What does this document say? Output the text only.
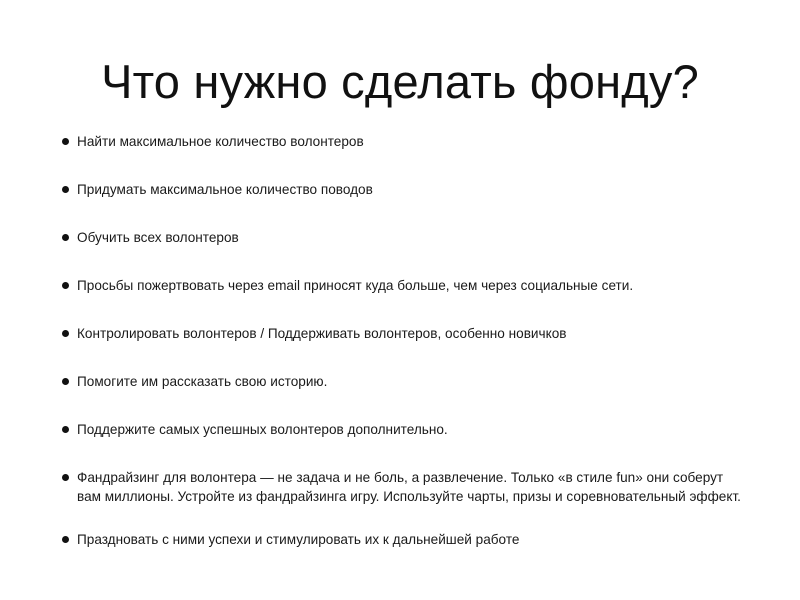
Что нужно сделать фонду?
Найти максимальное количество волонтеров
Придумать максимальное количество поводов
Обучить всех волонтеров
Просьбы пожертвовать через email приносят куда больше, чем через социальные сети.
Контролировать волонтеров / Поддерживать волонтеров, особенно новичков
Помогите им рассказать свою историю.
Поддержите самых успешных волонтеров дополнительно.
Фандрайзинг для волонтера — не задача и не боль, а развлечение. Только «в стиле fun» они соберут вам миллионы. Устройте из фандрайзинга игру. Используйте чарты, призы и соревновательный эффект.
Праздновать с ними успехи и стимулировать их к дальнейшей работе
